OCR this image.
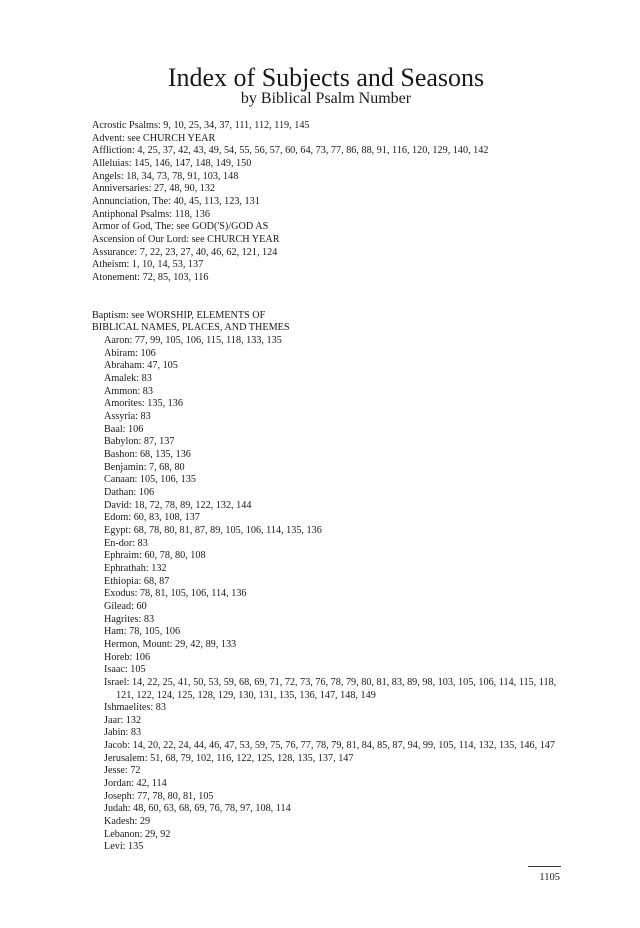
Index of Subjects and Seasons
by Biblical Psalm Number

Acrostic Psalms: 9, 10, 25, 34, 37, 111, 112, 119, 145

Advent: see CHURCH YEAR

Affliction: 4, 25, 37, 42, 43, 49, 54, 55, 56, 57, 60, 64, 73, 77, 86, 88, 91, 116, 120, 129, 140, 142

Alleluias: 145, 146, 147, 148, 149, 150

Angels: 18, 34, 73, 78, 91, 103, 148

Anniversaries: 27, 48, 90, 132

Annunciation, The: 40, 45, 113, 123, 131

Antiphonal Psalms: 118, 136

Armor of God, The: see GOD('S)/GOD AS

Ascension of Our Lord: see CHURCH YEAR

Assurance: 7, 22, 23, 27, 40, 46, 62, 121, 124

Atheism: 1, 10, 14, 53, 137

Atonement: 72, 85, 103, 116

Baptism: see WORSHIP, ELEMENTS OF

BIBLICAL NAMES, PLACES, AND THEMES

Aaron: 77, 99, 105, 106, 115, 118, 133, 135

Abiram: 106

Abraham: 47, 105

Amalek: 83

Ammon: 83

Amorites: 135, 136

Assyria: 83

Baal: 106

Babylon: 87, 137

Bashon: 68, 135, 136

Benjamin: 7, 68, 80

Canaan: 105, 106, 135

Dathan: 106

David: 18, 72, 78, 89, 122, 132, 144

Edom: 60, 83, 108, 137

Egypt: 68, 78, 80, 81, 87, 89, 105, 106, 114, 135, 136

En-dor: 83

Ephraim: 60, 78, 80, 108

Ephrathah: 132

Ethiopia: 68, 87

Exodus: 78, 81, 105, 106, 114, 136

Gilead: 60

Hagrites: 83

Ham: 78, 105, 106

Hermon, Mount: 29, 42, 89, 133

Horeb: 106

Isaac: 105

Israel: 14, 22, 25, 41, 50, 53, 59, 68, 69, 71, 72, 73, 76, 78, 79, 80, 81, 83, 89, 98, 103, 105, 106, 114, 115, 118, 121, 122, 124, 125, 128, 129, 130, 131, 135, 136, 147, 148, 149

Ishmaelites: 83

Jaar: 132

Jabin: 83

Jacob: 14, 20, 22, 24, 44, 46, 47, 53, 59, 75, 76, 77, 78, 79, 81, 84, 85, 87, 94, 99, 105, 114, 132, 135, 146, 147

Jerusalem: 51, 68, 79, 102, 116, 122, 125, 128, 135, 137, 147

Jesse: 72

Jordan: 42, 114

Joseph: 77, 78, 80, 81, 105

Judah: 48, 60, 63, 68, 69, 76, 78, 97, 108, 114

Kadesh: 29

Lebanon: 29, 92

Levi: 135

1105
